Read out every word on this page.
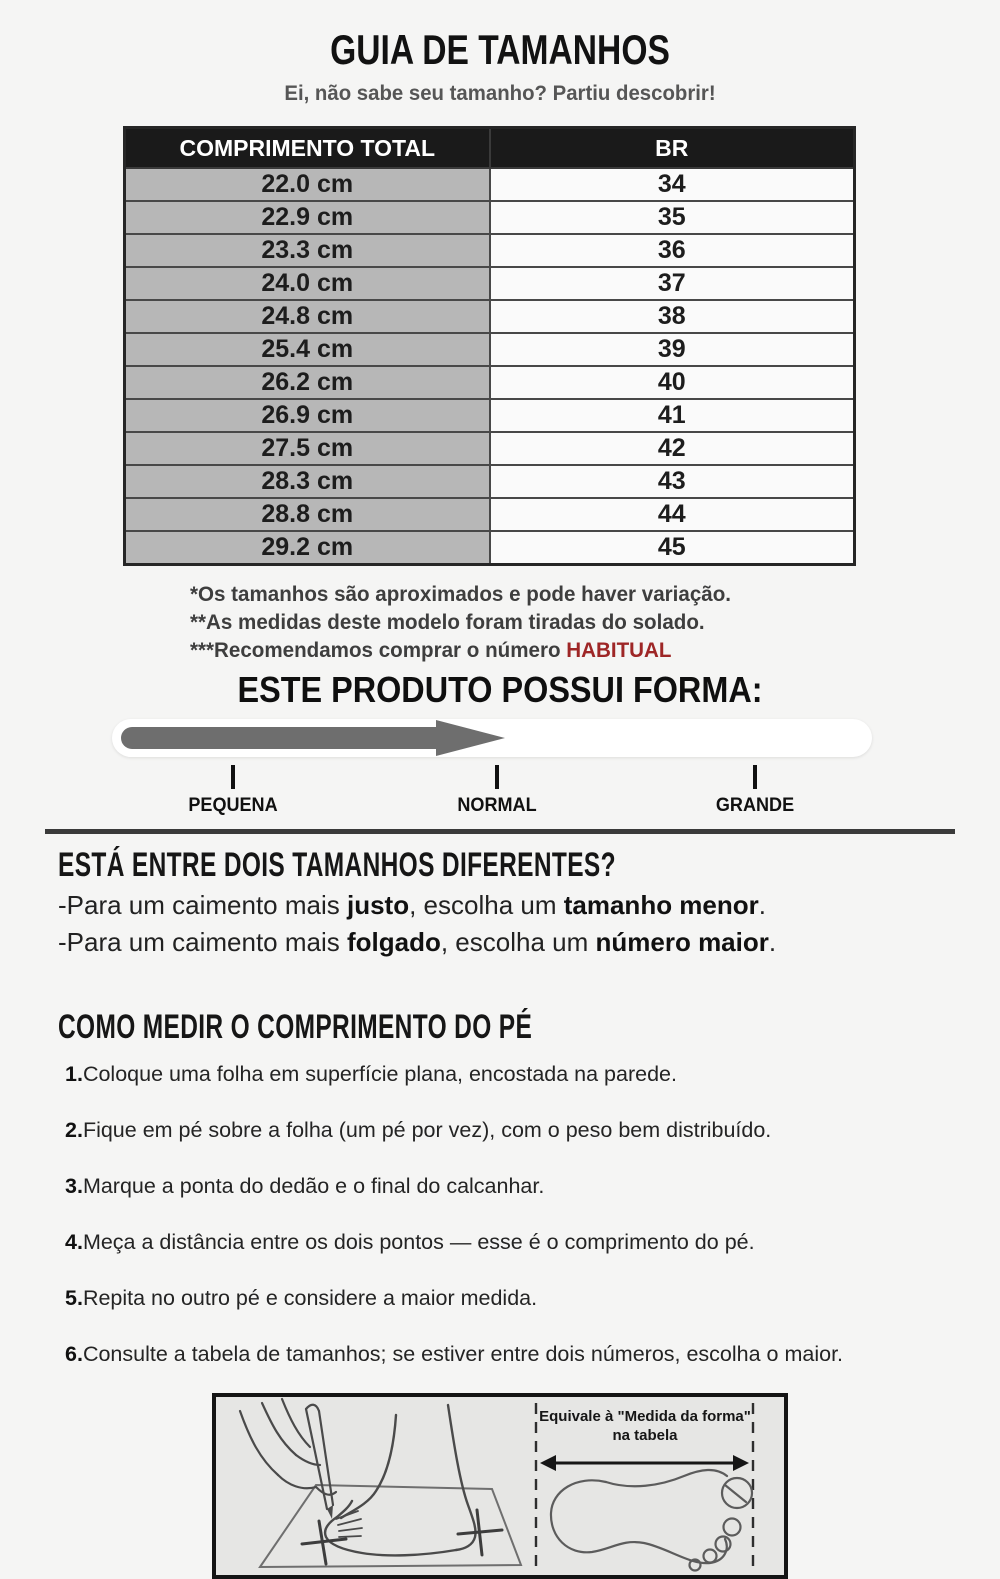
GUIA DE TAMANHOS
Ei, não sabe seu tamanho? Partiu descobrir!
COMPRIMENTO TOTAL	BR
22.0 cm	34
22.9 cm	35
23.3 cm	36
24.0 cm	37
24.8 cm	38
25.4 cm	39
26.2 cm	40
26.9 cm	41
27.5 cm	42
28.3 cm	43
28.8 cm	44
29.2 cm	45
*Os tamanhos são aproximados e pode haver variação.
**As medidas deste modelo foram tiradas do solado.
***Recomendamos comprar o número HABITUAL
ESTE PRODUTO POSSUI FORMA:
PEQUENA	NORMAL	GRANDE
ESTÁ ENTRE DOIS TAMANHOS DIFERENTES?
-Para um caimento mais justo, escolha um tamanho menor.
-Para um caimento mais folgado, escolha um número maior.
COMO MEDIR O COMPRIMENTO DO PÉ
1.Coloque uma folha em superfície plana, encostada na parede.
2.Fique em pé sobre a folha (um pé por vez), com o peso bem distribuído.
3.Marque a ponta do dedão e o final do calcanhar.
4.Meça a distância entre os dois pontos — esse é o comprimento do pé.
5.Repita no outro pé e considere a maior medida.
6.Consulte a tabela de tamanhos; se estiver entre dois números, escolha o maior.
Equivale à "Medida da forma"
na tabela
